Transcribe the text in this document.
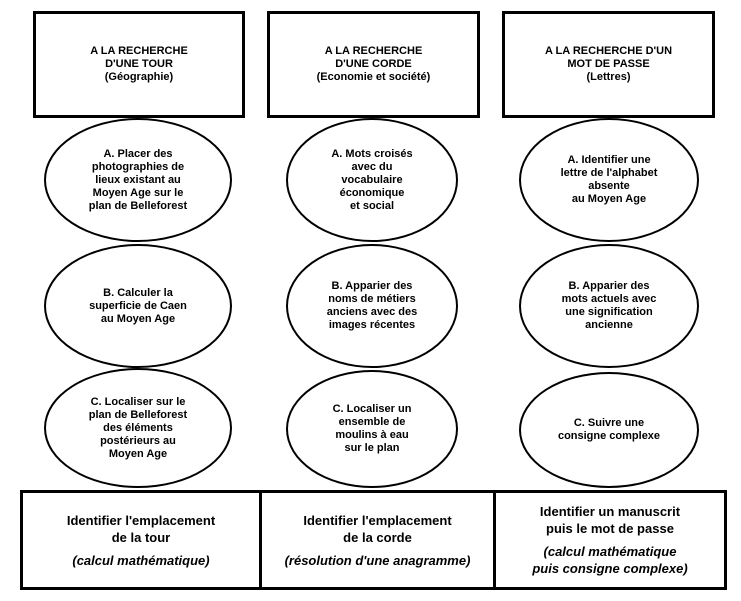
A LA RECHERCHE
D'UNE TOUR
(Géographie)
A LA RECHERCHE
D'UNE CORDE
(Economie et société)
A LA RECHERCHE D'UN
MOT DE PASSE
(Lettres)
A. Placer des
photographies de
lieux existant au
Moyen Age sur le
plan de Belleforest
B. Calculer la
superficie de Caen
au Moyen Age
C. Localiser sur le
plan de Belleforest
des éléments
postérieurs au
Moyen Age
A. Mots croisés
avec du
vocabulaire
économique
et social
B. Apparier des
noms de métiers
anciens avec des
images récentes
C. Localiser un
ensemble de
moulins à eau
sur le plan
A. Identifier une
lettre de l'alphabet
absente
au Moyen Age
B. Apparier des
mots actuels avec
une signification
ancienne
C. Suivre une
consigne complexe
Identifier l'emplacement
de la tour
(calcul mathématique)
Identifier l'emplacement
de la corde
(résolution d'une anagramme)
Identifier un manuscrit
puis le mot de passe
(calcul mathématique
puis consigne complexe)
